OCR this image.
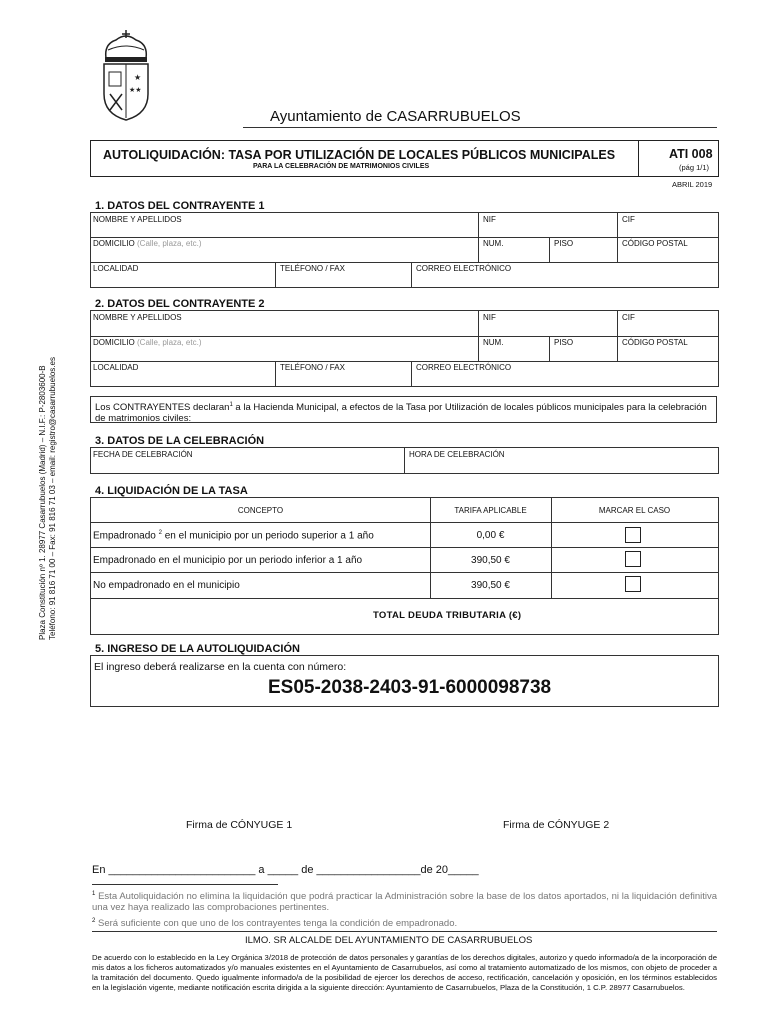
★
★★
Ayuntamiento de CASARRUBUELOS
AUTOLIQUIDACIÓN: TASA POR UTILIZACIÓN DE LOCALES PÚBLICOS MUNICIPALES
PARA LA CELEBRACIÓN DE MATRIMONIOS CIVILES
ATI 008
(pág 1/1)
ABRIL 2019
Plaza Constitución nº 1. 28977 Casarrubuelos (Madrid) – N.I.F.: P-2803600-B Teléfono: 91 816 71 00 – Fax: 91 816 71 03 – email: registro@casarrubuelos.es
1. DATOS DEL CONTRAYENTE 1
NOMBRE Y APELLIDOS	NIF	CIF
DOMICILIO (Calle, plaza, etc.)	NUM.	PISO	CÓDIGO POSTAL
LOCALIDAD	TELÉFONO / FAX	CORREO ELECTRÓNICO
2. DATOS DEL CONTRAYENTE 2
NOMBRE Y APELLIDOS	NIF	CIF
DOMICILIO (Calle, plaza, etc.)	NUM.	PISO	CÓDIGO POSTAL
LOCALIDAD	TELÉFONO / FAX	CORREO ELECTRÓNICO
Los CONTRAYENTES declaran$^1$ a la Hacienda Municipal, a efectos de la Tasa por Utilización de locales públicos municipales para la celebración de matrimonios civiles:
3. DATOS DE LA CELEBRACIÓN
FECHA DE CELEBRACIÓN	HORA DE CELEBRACIÓN
4. LIQUIDACIÓN DE LA TASA
CONCEPTO	TARIFA APLICABLE	MARCAR EL CASO
Empadronado $^2$ en el municipio por un periodo superior a 1 año	0,00 €
Empadronado en el municipio por un periodo inferior a 1 año	390,50 €
No empadronado en el municipio	390,50 €
TOTAL DEUDA TRIBUTARIA (€)
5. INGRESO DE LA AUTOLIQUIDACIÓN
El ingreso deberá realizarse en la cuenta con número:
ES05-2038-2403-91-6000098738
Firma de CÓNYUGE 1	Firma de CÓNYUGE 2
En ________________________ a _____ de _________________de 20_____
$^1$ Esta Autoliquidación no elimina la liquidación que podrá practicar la Administración sobre la base de los datos aportados, ni la liquidación definitiva una vez haya realizado las comprobaciones pertinentes.
$^2$ Será suficiente con que uno de los contrayentes tenga la condición de empadronado.
ILMO. SR ALCALDE DEL AYUNTAMIENTO DE CASARRUBUELOS
De acuerdo con lo establecido en la Ley Orgánica 3/2018 de protección de datos personales y garantías de los derechos digitales, autorizo y quedo informado/a de la incorporación de mis datos a los ficheros automatizados y/o manuales existentes en el Ayuntamiento de Casarrubuelos, así como al tratamiento automatizado de los mismos, con objeto de proceder a la tramitación del documento. Quedo igualmente informado/a de la posibilidad de ejercer los derechos de acceso, rectificación, cancelación y oposición, en los términos establecidos en la legislación vigente, mediante notificación escrita dirigida a la siguiente dirección: Ayuntamiento de Casarrubuelos, Plaza de la Constitución, 1 C.P. 28977 Casarrubuelos.
